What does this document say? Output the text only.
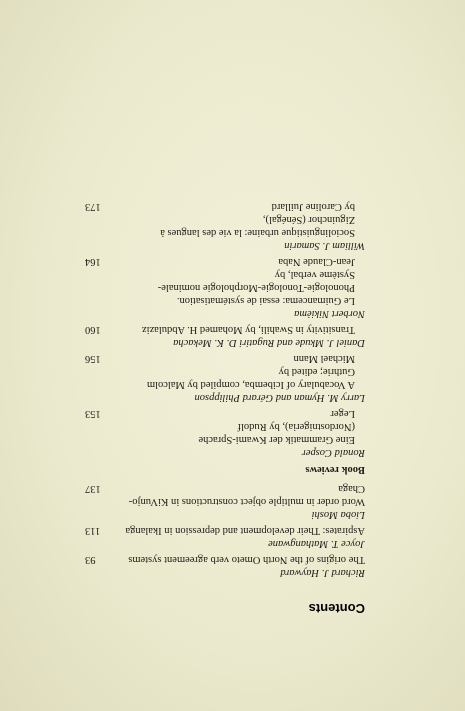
Contents
Richard J. Hayward
The origins of the North Ometo verb agreement systems
93
Joyce T. Mathangwane
Aspirates: Their development and depression in Ikalanga
113
Lioba Moshi
Word order in multiple object constructions in KiVunjo-Chaga
137
Book reviews
Ronald Cosper
Eine Grammatik der Kwami-Sprache (Nordostnigeria), by Rudolf
Leger
153
Larry M. Hyman and Gérard Philippson
A Vocabulary of Icibemba, compiled by Malcolm Guthrie; edited by
Michael Mann
156
Daniel J. Mkude and Rugatiri D. K. Mekacha
Transitivity in Swahili, by Mohamed H. Abdulaziz
160
Norbert Nikièma
Le Guimancema: essai de systématisation.
Phonologie-Tonologie-Morphologie nominale-Système verbal, by
Jean-Claude Naba
164
William J. Samarin
Sociolinguistique urbaine: la vie des langues à Ziguinchor (Sénégal),
by Caroline Juillard
173
